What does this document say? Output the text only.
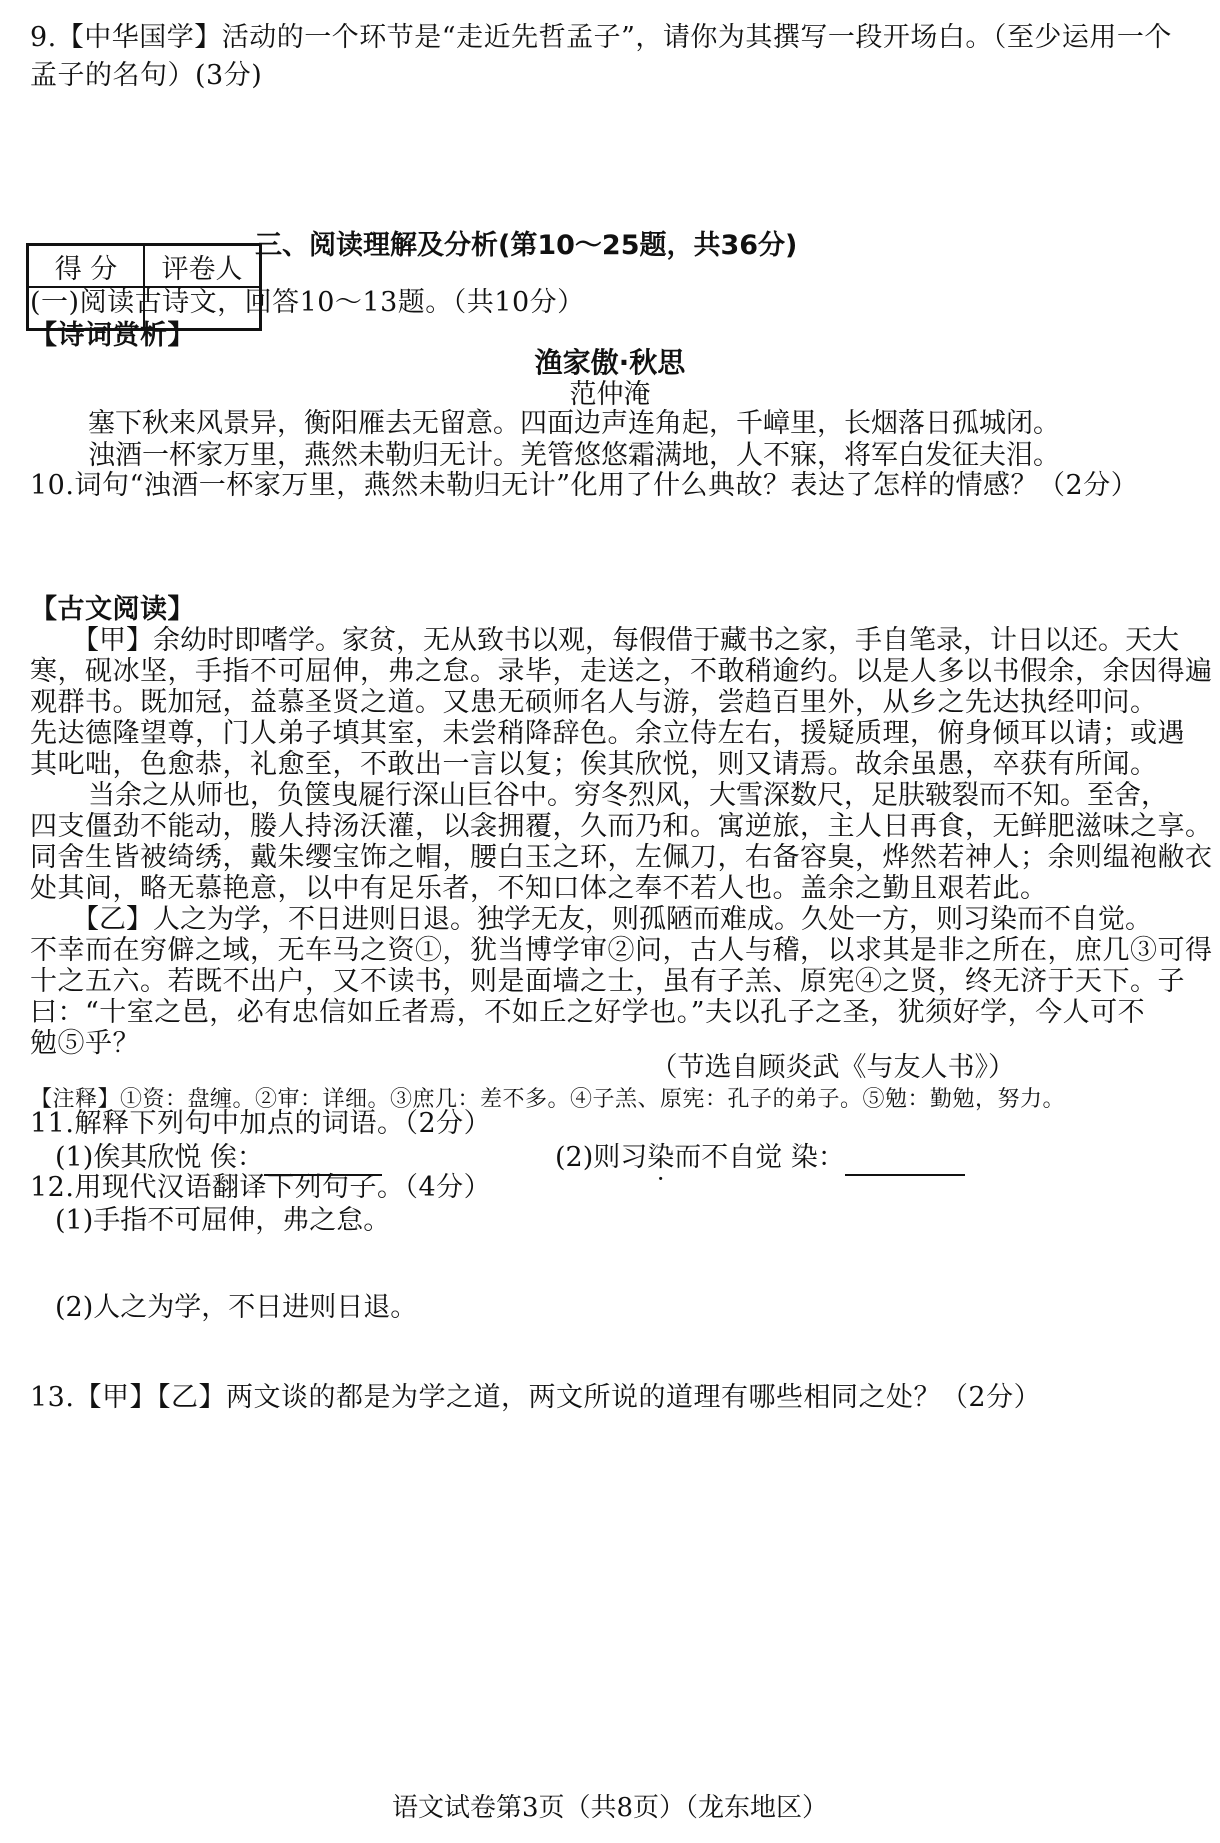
9.【中华国学】活动的一个环节是“走近先哲孟子”，请你为其撰写一段开场白。（至少运用一个
孟子的名句）(3分)
得 分	评卷人

三、阅读理解及分析(第10～25题，共36分)
(一)阅读古诗文，回答10～13题。（共10分）
【诗词赏析】
渔家傲·秋思
范仲淹
塞下秋来风景异，衡阳雁去无留意。四面边声连角起，千嶂里，长烟落日孤城闭。
浊酒一杯家万里，燕然未勒归无计。羌管悠悠霜满地，人不寐，将军白发征夫泪。
10.词句“浊酒一杯家万里，燕然未勒归无计”化用了什么典故？表达了怎样的情感？（2分）
【古文阅读】
【甲】余幼时即嗜学。家贫，无从致书以观，每假借于藏书之家，手自笔录，计日以还。天大
寒，砚冰坚，手指不可屈伸，弗之怠。录毕，走送之，不敢稍逾约。以是人多以书假余，余因得遍
观群书。既加冠，益慕圣贤之道。又患无硕师名人与游，尝趋百里外，从乡之先达执经叩问。
先达德隆望尊，门人弟子填其室，未尝稍降辞色。余立侍左右，援疑质理，俯身倾耳以请；或遇
其叱咄，色愈恭，礼愈至，不敢出一言以复；俟其欣悦，则又请焉。故余虽愚，卒获有所闻。
当余之从师也，负箧曳屣行深山巨谷中。穷冬烈风，大雪深数尺，足肤皲裂而不知。至舍，
四支僵劲不能动，媵人持汤沃灌，以衾拥覆，久而乃和。寓逆旅，主人日再食，无鲜肥滋味之享。
同舍生皆被绮绣，戴朱缨宝饰之帽，腰白玉之环，左佩刀，右备容臭，烨然若神人；余则缊袍敝衣
处其间，略无慕艳意，以中有足乐者，不知口体之奉不若人也。盖余之勤且艰若此。
【乙】人之为学，不日进则日退。独学无友，则孤陋而难成。久处一方，则习染而不自觉。
不幸而在穷僻之域，无车马之资①，犹当博学审②问，古人与稽，以求其是非之所在，庶几③可得
十之五六。若既不出户，又不读书，则是面墙之士，虽有子羔、原宪④之贤，终无济于天下。子
曰：“十室之邑，必有忠信如丘者焉，不如丘之好学也。”夫以孔子之圣，犹须好学，今人可不
勉⑤乎？
（节选自顾炎武《与友人书》）
【注释】①资：盘缠。②审：详细。③庶几：差不多。④子羔、原宪：孔子的弟子。⑤勉：勤勉，努力。
11.解释下列句中加点的词语。（2分）
(1)俟其欣悦 俟：	(2)则习染而不自觉 染：
12.用现代汉语翻译下列句子。（4分）
(1)手指不可屈伸，弗之怠。
(2)人之为学，不日进则日退。
13.【甲】【乙】两文谈的都是为学之道，两文所说的道理有哪些相同之处？（2分）
语文试卷第3页（共8页）（龙东地区）
